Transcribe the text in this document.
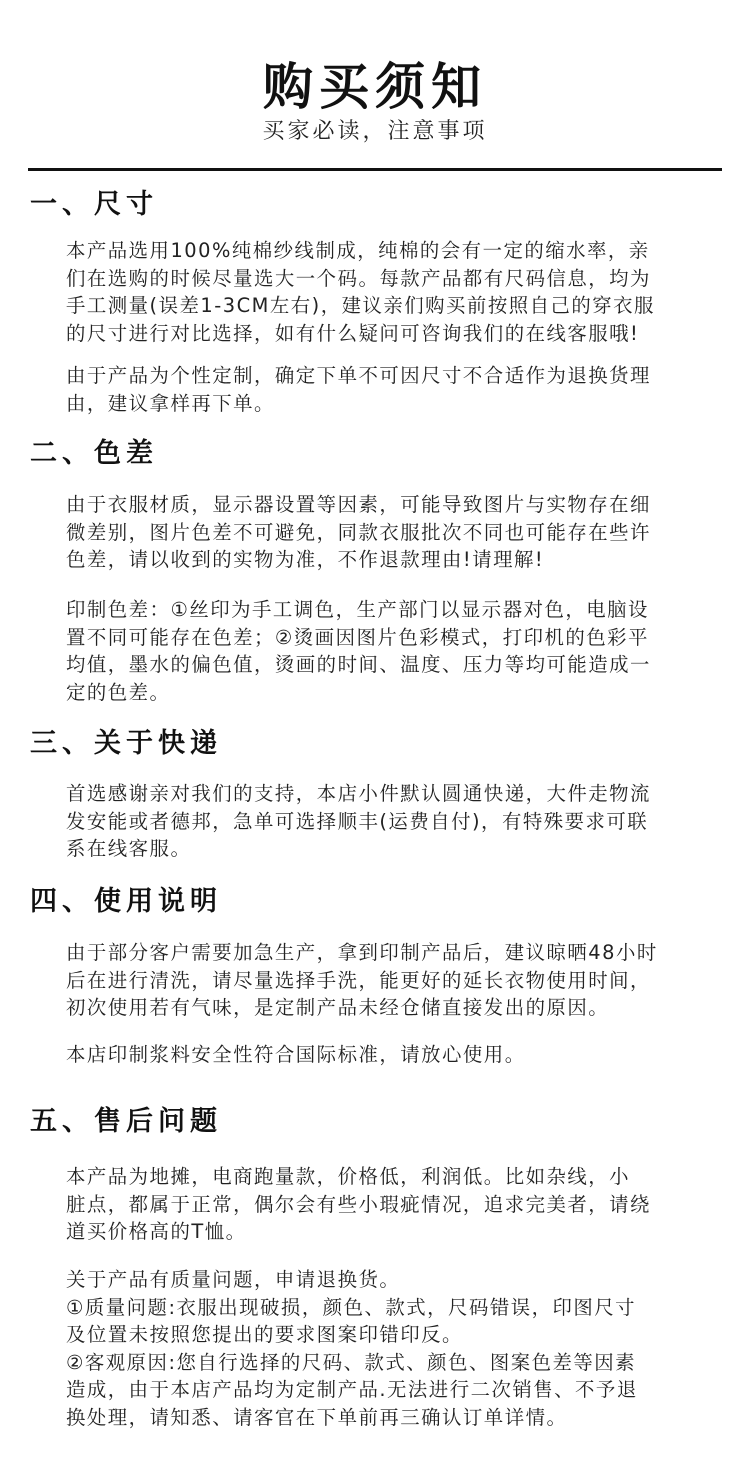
购买须知
买家必读，注意事项
一、尺寸
本产品选用100%纯棉纱线制成，纯棉的会有一定的缩水率，亲
们在选购的时候尽量选大一个码。每款产品都有尺码信息，均为
手工测量(误差1-3CM左右)，建议亲们购买前按照自己的穿衣服
的尺寸进行对比选择，如有什么疑问可咨询我们的在线客服哦!
由于产品为个性定制，确定下单不可因尺寸不合适作为退换货理
由，建议拿样再下单。
二、色差
由于衣服材质，显示器设置等因素，可能导致图片与实物存在细
微差别，图片色差不可避免，同款衣服批次不同也可能存在些许
色差，请以收到的实物为准，不作退款理由!请理解!
印制色差：①丝印为手工调色，生产部门以显示器对色，电脑设
置不同可能存在色差；②烫画因图片色彩模式，打印机的色彩平
均值，墨水的偏色值，烫画的时间、温度、压力等均可能造成一
定的色差。
三、关于快递
首选感谢亲对我们的支持，本店小件默认圆通快递，大件走物流
发安能或者德邦，急单可选择顺丰(运费自付)，有特殊要求可联
系在线客服。
四、使用说明
由于部分客户需要加急生产，拿到印制产品后，建议晾晒48小时
后在进行清洗，请尽量选择手洗，能更好的延长衣物使用时间，
初次使用若有气味，是定制产品未经仓储直接发出的原因。
本店印制浆料安全性符合国际标准，请放心使用。
五、售后问题
本产品为地摊，电商跑量款，价格低，利润低。比如杂线，小
脏点，都属于正常，偶尔会有些小瑕疵情况，追求完美者，请绕
道买价格高的T恤。
关于产品有质量问题，申请退换货。
①质量问题:衣服出现破损，颜色、款式，尺码错误，印图尺寸
及位置未按照您提出的要求图案印错印反。
②客观原因:您自行选择的尺码、款式、颜色、图案色差等因素
造成，由于本店产品均为定制产品.无法进行二次销售、不予退
换处理，请知悉、请客官在下单前再三确认订单详情。
